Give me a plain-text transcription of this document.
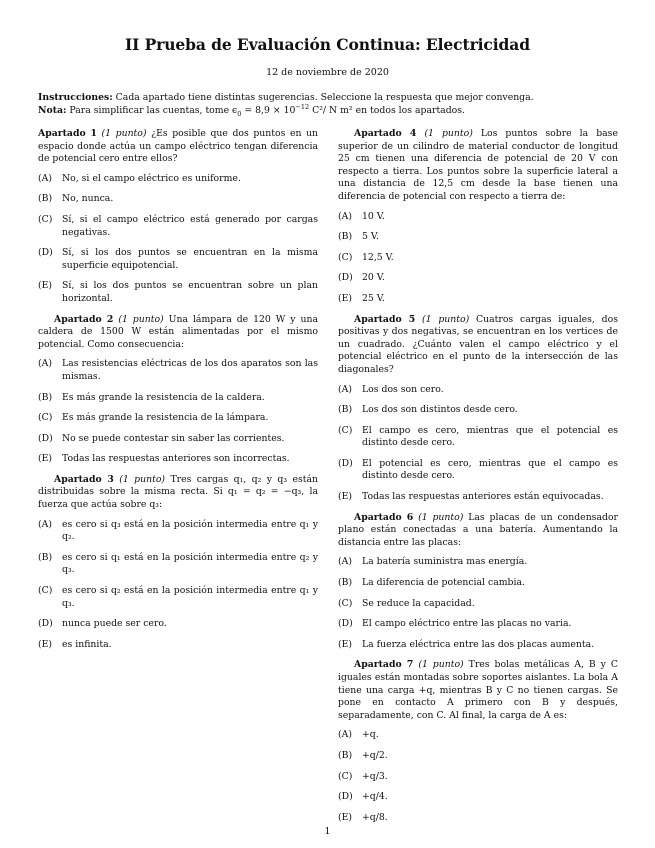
II Prueba de Evaluación Continua: Electricidad
12 de noviembre de 2020
Instrucciones: Cada apartado tiene distintas sugerencias. Seleccione la respuesta que mejor convenga.
Nota: Para simplificar las cuentas, tome $\epsilon_0 = 8,9 \times 10^{-12}$ C²/ N m² en todos los apartados.
Apartado 1 (1 punto) ¿Es posible que dos puntos en un espacio donde actúa un campo eléctrico tengan diferencia de potencial cero entre ellos?
(A)	No, si el campo eléctrico es uniforme.
(B)	No, nunca.
(C)	Sí, si el campo eléctrico está generado por cargas negativas.
(D) Sí, si los dos puntos se encuentran en la misma superficie equipotencial.
(E)	Sí, si los dos puntos se encuentran sobre un plan horizontal.
Apartado 2 (1 punto) Una lámpara de 120 W y una caldera de 1500 W están alimentadas por el mismo potencial. Como consecuencia:
(A)	Las resistencias eléctricas de los dos aparatos son las mismas.
(B)	Es más grande la resistencia de la caldera.
(C)	Es más grande la resistencia de la lámpara.
(D) No se puede contestar sin saber las corrientes.
(E)	Todas las respuestas anteriores son incorrectas.
Apartado 3 (1 punto) Tres cargas q₁, q₂ y q₃ están distribuidas sobre la misma recta. Si q₁ = q₂ = −q₃, la fuerza que actúa sobre q₃:
(A)	es cero si q₃ está en la posición intermedia entre q₁ y q₂.
(B)	es cero si q₁ está en la posición intermedia entre q₂ y q₃.
(C)	es cero si q₂ está en la posición intermedia entre q₁ y q₃.
(D) nunca puede ser cero.
(E)	es infinita.
Apartado 4 (1 punto) Los puntos sobre la base superior de un cilindro de material conductor de longitud 25 cm tienen una diferencia de potencial de 20 V con respecto a tierra. Los puntos sobre la superficie lateral a una distancia de 12,5 cm desde la base tienen una diferencia de potencial con respecto a tierra de:
(A)	10 V.
(B)	5 V.
(C)	12,5 V.
(D) 20 V.
(E)	25 V.
Apartado 5 (1 punto) Cuatros cargas iguales, dos positivas y dos negativas, se encuentran en los vertices de un cuadrado. ¿Cuánto valen el campo eléctrico y el potencial eléctrico en el punto de la intersección de las diagonales?
(A)	Los dos son cero.
(B)	Los dos son distintos desde cero.
(C)	El campo es cero, mientras que el potencial es distinto desde cero.
(D) El potencial es cero, mientras que el campo es distinto desde cero.
(E)	Todas las respuestas anteriores están equivocadas.
Apartado 6 (1 punto) Las placas de un condensador plano están conectadas a una batería. Aumentando la distancia entre las placas:
(A)	La batería suministra mas energía.
(B)	La diferencia de potencial cambia.
(C)	Se reduce la capacidad.
(D) El campo eléctrico entre las placas no varia.
(E)	La fuerza eléctrica entre las dos placas aumenta.
Apartado 7 (1 punto) Tres bolas metálicas A, B y C iguales están montadas sobre soportes aislantes. La bola A tiene una carga +q, mientras B y C no tienen cargas. Se pone en contacto A primero con B y después, separadamente, con C. Al final, la carga de A es:
(A)	+q.
(B)	+q/2.
(C)	+q/3.
(D) +q/4.
(E)	+q/8.
1
